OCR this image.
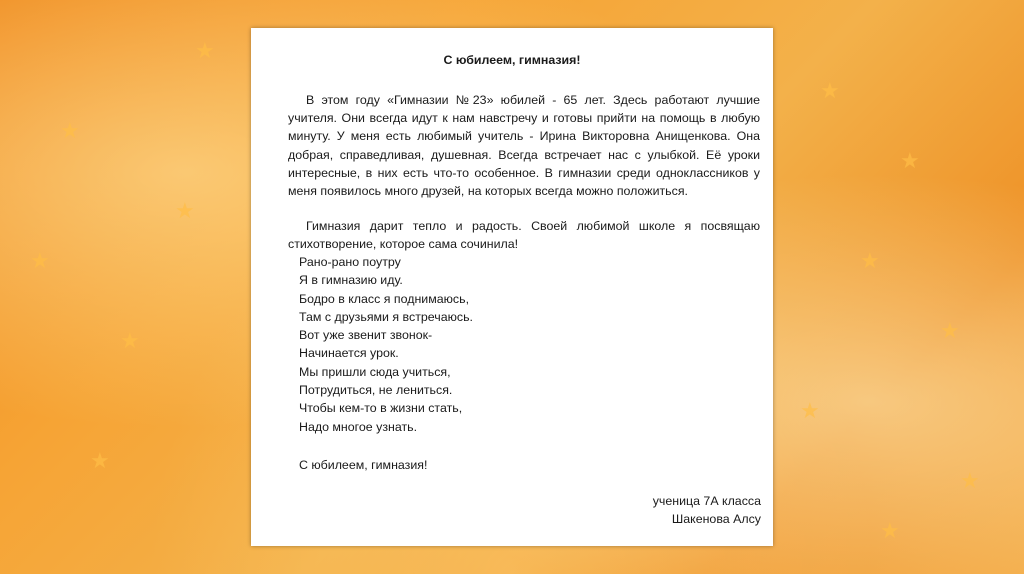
★
★
★
★
★
★
★
★
★
★
★
★
★
С юбилеем, гимназия!

В этом году «Гимназии №23» юбилей - 65 лет. Здесь работают лучшие учителя. Они всегда идут к нам навстречу и готовы прийти на помощь в любую минуту. У меня есть любимый учитель - Ирина Викторовна Анищенкова. Она добрая, справедливая, душевная. Всегда встречает нас с улыбкой. Её уроки интересные, в них есть что-то особенное. В гимназии среди одноклассников у меня появилось много друзей, на которых всегда можно положиться.

Гимназия дарит тепло и радость. Своей любимой школе я посвящаю стихотворение, которое сама сочинила!

Рано-рано поутру
Я в гимназию иду.
Бодро в класс я поднимаюсь,
Там с друзьями я встречаюсь.
Вот уже звенит звонок-
Начинается урок.
Мы пришли сюда учиться,
Потрудиться, не лениться.
Чтобы кем-то в жизни стать,
Надо многое узнать.
С юбилеем, гимназия!
ученица 7А класса
Шакенова Алсу
